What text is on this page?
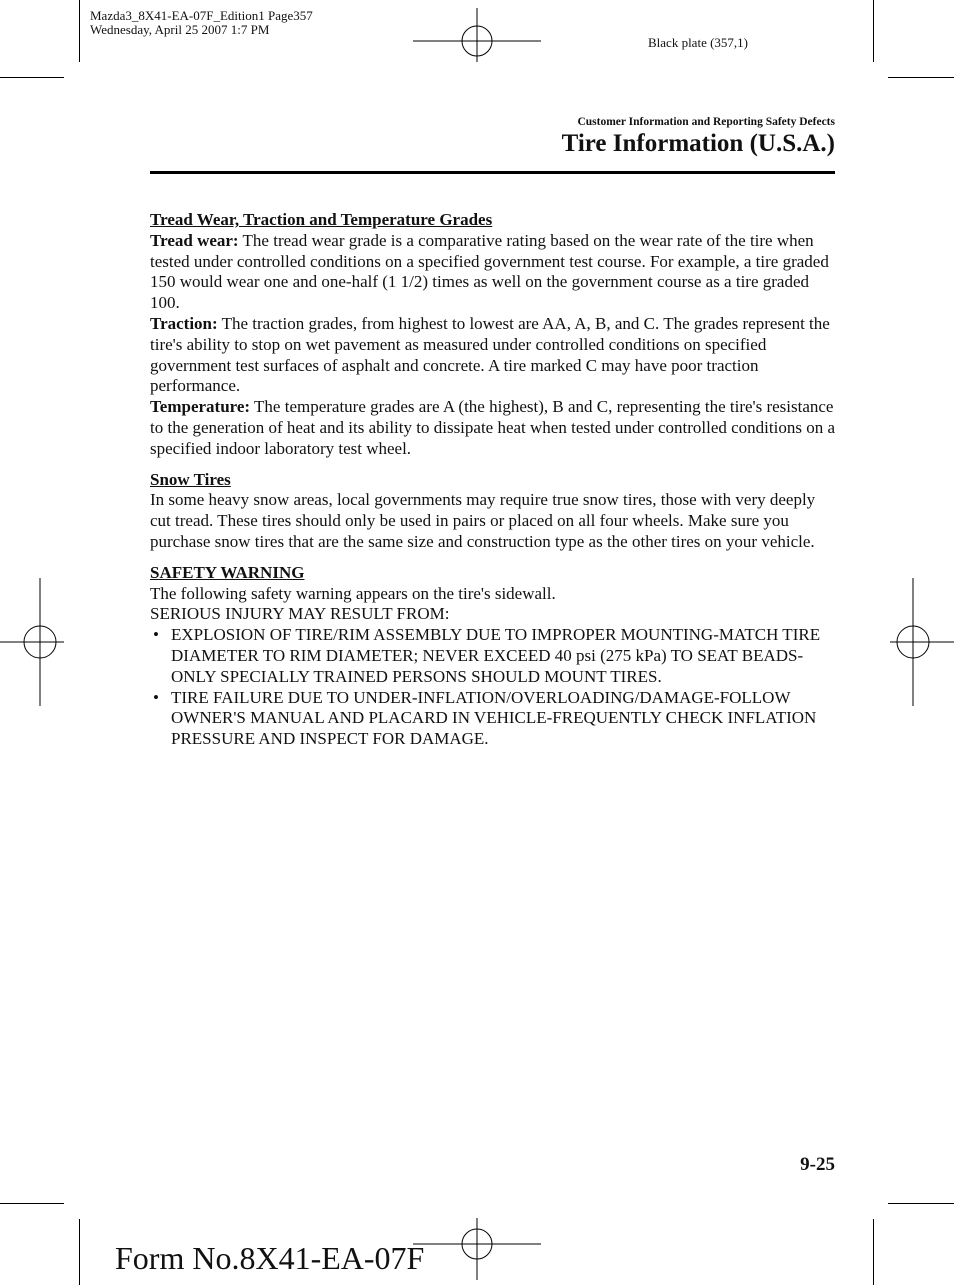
Mazda3_8X41-EA-07F_Edition1 Page357
Wednesday, April 25 2007 1:7 PM
Black plate (357,1)
Customer Information and Reporting Safety Defects
Tire Information (U.S.A.)

Tread Wear, Traction and Temperature Grades

Tread wear: The tread wear grade is a comparative rating based on the wear rate of the tire when tested under controlled conditions on a specified government test course. For example, a tire graded 150 would wear one and one-half (1 1/2) times as well on the government course as a tire graded 100.

Traction: The traction grades, from highest to lowest are AA, A, B, and C. The grades represent the tire's ability to stop on wet pavement as measured under controlled conditions on specified government test surfaces of asphalt and concrete. A tire marked C may have poor traction performance.

Temperature: The temperature grades are A (the highest), B and C, representing the tire's resistance to the generation of heat and its ability to dissipate heat when tested under controlled conditions on a specified indoor laboratory test wheel.

Snow Tires

In some heavy snow areas, local governments may require true snow tires, those with very deeply cut tread. These tires should only be used in pairs or placed on all four wheels. Make sure you purchase snow tires that are the same size and construction type as the other tires on your vehicle.

SAFETY WARNING

The following safety warning appears on the tire's sidewall.

SERIOUS INJURY MAY RESULT FROM:

• EXPLOSION OF TIRE/RIM ASSEMBLY DUE TO IMPROPER MOUNTING-MATCH TIRE DIAMETER TO RIM DIAMETER; NEVER EXCEED 40 psi (275 kPa) TO SEAT BEADS-ONLY SPECIALLY TRAINED PERSONS SHOULD MOUNT TIRES.
• TIRE FAILURE DUE TO UNDER-INFLATION/OVERLOADING/DAMAGE-FOLLOW OWNER'S MANUAL AND PLACARD IN VEHICLE-FREQUENTLY CHECK INFLATION PRESSURE AND INSPECT FOR DAMAGE.
9-25
Form No.8X41-EA-07F
